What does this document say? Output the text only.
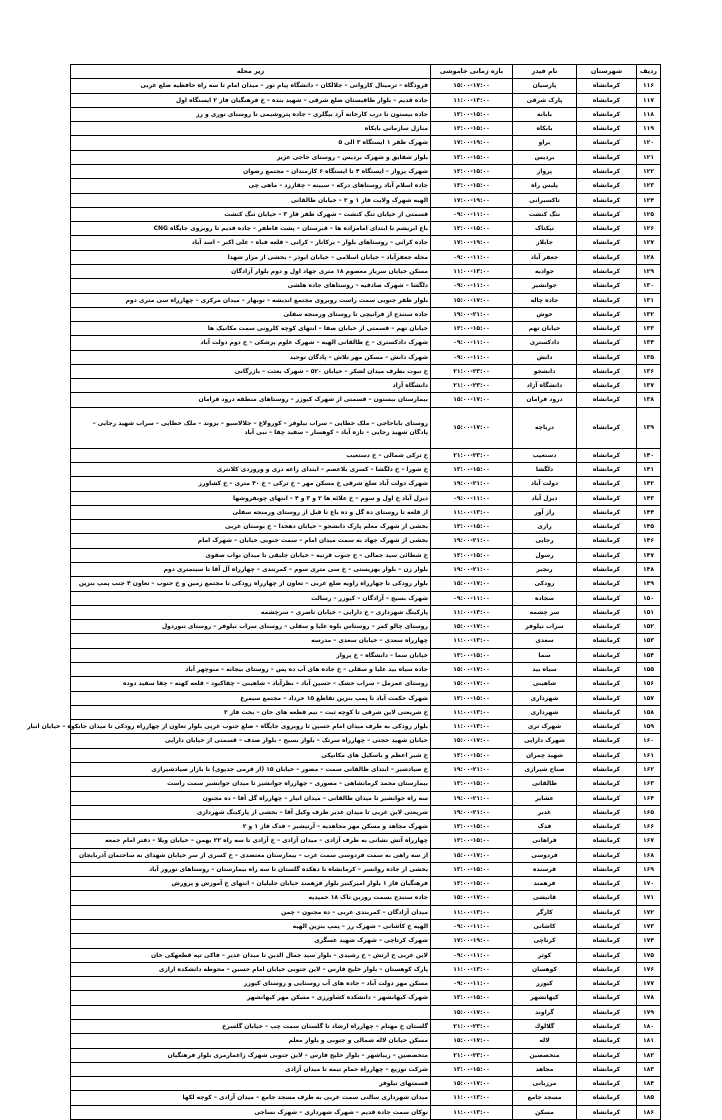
ردیف	شهرستان	نام فیدر	بازه زمانی خاموشی	زیر محله
۱۱۶	کرمانشاه	پارسیان	۱۵:۰۰-۱۷:۰۰	فرودگاه – ترمینال کاروانی – جلالکان – دانشگاه پیام نور – میدان امام تا سه راه حافظیه ضلع غربی
۱۱۷	کرمانشاه	پارک شرقی	۱۱:۰۰-۱۳:۰۰	جاده قدیم – بلوار طاقبستان ضلع شرقی – شهید بنده – خ فرهنگیان فاز ۲ ایستگاه اول
۱۱۸	کرمانشاه	بابانه	۱۳:۰۰-۱۵:۰۰	جاده بیستون تا درب کارخانه آرد بیگلری – جاده پتروشیمی تا روستای نوری و رز
۱۱۹	کرمانشاه	بابکاه	۱۳:۰۰-۱۵:۰۰	منازل سازمانی بابکاه
۱۲۰	کرمانشاه	براو	۱۷:۰۰-۱۹:۰۰	شهرک ظفر ۱ ایستگاه ۳ الی ۵
۱۲۱	کرمانشاه	بردیس	۱۳:۰۰-۱۵:۰۰	بلوار شقایق و شهرک بردیس – روستای حاجی عزیز
۱۲۲	کرمانشاه	پرواز	۱۳:۰۰-۱۵:۰۰	شهرک پرواز – ایستگاه ۴ تا ایستگاه ۶ کارمندان – مجتمع رضوان
۱۲۳	کرمانشاه	پلیس راه	۱۳:۰۰-۱۵:۰۰	جاده اسلام آباد روستاهای درکه – سبینه – چقازرد – ماهی چی
۱۲۴	کرمانشاه	تاکسیرانی	۱۷:۰۰-۱۹:۰۰	الهیه شهرک ولایت فاز ۱ و ۲ – خیابان طالقانی
۱۲۵	کرمانشاه	تنگ کنشت	۰۹:۰۰-۱۱:۰۰	قسمتی از خیابان تنگ کنشت – شهرک ظفر فاز ۳ – خیابان تنگ کنشت
۱۲۶	کرمانشاه	تیکتاک	۱۳:۰۰-۱۵:۰۰	باغ ابریشم تا ابتدای امامزاده ها – قبرستان – پشت قاطفر – جاده قدیم تا رویروی جایگاه CNG
۱۲۷	کرمانشاه	جابلاز	۱۷:۰۰-۱۹:۰۰	جاده کرانی – روستاهای بلوار – برکانار – کرانی – قلعه فباه – علی اکبر – اسد آباد
۱۲۸	کرمانشاه	جعفر آباد	۰۹:۰۰-۱۱:۰۰	محله جعفرآباد – خیابان اسلامی – خیابان ابوذر – بخشی از مزار شهدا
۱۲۹	کرمانشاه	جوادیه	۱۱:۰۰-۱۳:۰۰	مسکن خیابان سرباز معصوم ۱۸ متری جهاد اول و دوم بلوار آزادگان
۱۳۰	کرمانشاه	جوانشیر	۰۹:۰۰-۱۱:۰۰	دلگشا – شهرک صادقیه – روستاهای جاده هلشی
۱۳۱	کرمانشاه	جاده چاله	۱۵:۰۰-۱۷:۰۰	بلوار ظفر جنوبی سمت راست روبروی مجتمع اندیشه – نوبهار – میدان مرکزی – چهارراه سی متری دوم
۱۳۲	کرمانشاه	خوش	۱۹:۰۰-۲۱:۰۰	جاده سنندج از فرانیچی تا روستای ورمنجه سفلی
۱۳۳	کرمانشاه	خیابان تهم	۱۳:۰۰-۱۵:۰۰	خیابان تهم – قسمتی از خیابان صفا – انتهای کوچه کلرونی سمت مکانیک ها
۱۳۴	کرمانشاه	دادکستری	۰۹:۰۰-۱۱:۰۰	شهرک دادکستری – خ طالقانی الهیه – شهرک علوم پزشکی – خ دوم دولت آباد
۱۳۵	کرمانشاه	دانش	۰۹:۰۰-۱۱:۰۰	شهرک دانش – مسکن مهر تلاش – پادگان توحید
۱۳۶	کرمانشاه	دانشجو	۲۱:۰۰-۲۳:۰۰	خ نبوت بطرف میدان لشکر – خیابان ۵۲۰ – شهرک بعثت – بازرگانی
۱۳۷	کرمانشاه	دانشگاه آزاد	۲۱:۰۰-۲۳:۰۰	دانشگاه آزاد
۱۳۸	کرمانشاه	درود فرامان	۱۵:۰۰-۱۷:۰۰	بیمارستان بیستون – قسمتی از شهرک کیوزر – روستاهای منطقه درود فرامان
۱۳۹	کرمانشاه	دریاچه	۱۵:۰۰-۱۷:۰۰	روستای باباحاجی – ملک خطایی – سراب نیلوفر – کورولاغ – جلالاسیو – بزوند – ملک خطایی – سراب شهید رجایی – پادگان شهید رجایی – تازه آباد – کوهسار – سفید چقا – نبی آباد
۱۴۰	کرمانشاه	دستغیب	۲۱:۰۰-۲۳:۰۰	خ ترکی شمالی – خ دستغیب
۱۴۱	کرمانشاه	دلگشا	۱۳:۰۰-۱۵:۰۰	خ شورا – خ دلگشا – کسری بلاعصم – ابتدای زاغه دری و وروردی کلانتری
۱۴۲	کرمانشاه	دولت آباد	۱۹:۰۰-۲۱:۰۰	شهرک دولت آباد ضلع شرقی خ مسکن مهر – خ ترکی – خ ۴۰ متری – خ کشاورز
۱۴۳	کرمانشاه	دیزل آباد	۰۹:۰۰-۱۱:۰۰	دیزل آباد خ اول و سوم – خ علائه ها ۲ و ۳ و ۴ – انتهای چوبفروشها
۱۴۴	کرمانشاه	راز آور	۱۱:۰۰-۱۳:۰۰	از قلعه تا روستای ده گل و ده باغ تا قبل از روستای ورمنجه سفلی
۱۴۵	کرمانشاه	رازی	۱۳:۰۰-۱۵:۰۰	بخشی از شهرک معلم پارک دانشجو – خیابان دهخدا – خ بوستان غربی
۱۴۶	کرمانشاه	رجایی	۱۹:۰۰-۲۱:۰۰	بخشی از شهرک جهاد به سمت میدان امام – سمت جنوبی خیابان – شهرک امام
۱۴۷	کرمانشاه	رسول	۱۳:۰۰-۱۵:۰۰	خ شطائی سید جمالی – خ جنوب قرنیه – خیابان جلیقی تا میدان نواب صفوی
۱۴۸	کرمانشاه	رنجبر	۱۹:۰۰-۲۱:۰۰	بلوار زن – بلوار بهزیستی – خ سی متری سوم – کمربندی – چهارراه آل آقا تا سینمتری دوم
۱۴۹	کرمانشاه	رودکی	۱۵:۰۰-۱۷:۰۰	بلوار رودکی تا چهارراه زاویه ضلع غربی – تعاون از چهارراه رودکی تا مجتمع زمین و خ جنوب – تعاون ۴ جنب پمپ بنزین
۱۵۰	کرمانشاه	سجاده	۰۹:۰۰-۱۱:۰۰	شهرک بسیج – آزادگان – کیوزر – رسالت
۱۵۱	کرمانشاه	سر چشمه	۱۱:۰۰-۱۳:۰۰	پارکینگ شهرداری – خ دارایی – خیابان ناصری – سرچشمه
۱۵۲	کرمانشاه	سراب نیلوفر	۱۵:۰۰-۱۷:۰۰	روستای چالو کمر – روستاس بلوه علیا و سفلی – روستای سراب نیلوفر – روستای تنوردول
۱۵۳	کرمانشاه	سعدی	۱۱:۰۰-۱۳:۰۰	چهارراه سعدی – خیابان سعدی – مدرسه
۱۵۴	کرمانشاه	سما	۱۳:۰۰-۱۵:۰۰	خیابان سما – دانشگاه – خ پرواز
۱۵۵	کرمانشاه	سیاه بید	۱۵:۰۰-۱۷:۰۰	جاده سیاه بید علیا و سفلی – خ جاده های آب ده پس – روستای بیجانه – منوچهر آباد
۱۵۶	کرمانشاه	شاهینی	۱۵:۰۰-۱۷:۰۰	روستای عمرمل – سراب خشک – حسین آباد – نظرآباد – شاهینی – چقاکبود – قلعه کهنه – چقا سفید دوده
۱۵۷	کرمانشاه	شهرداری	۱۳:۰۰-۱۵:۰۰	شهرک حکمت آباد تا پمپ بنزین تقاطع ۱۵ خرداد – مجتمع سیمرغ
۱۵۸	کرمانشاه	شهرداری	۱۱:۰۰-۱۳:۰۰	خ شریعتی لاین شرقی تا کوچه ثبت – نیم قطعه های خان – بخت فاز ۲
۱۵۹	کرمانشاه	شهرک تری	۱۱:۰۰-۱۳:۰۰	بلوار رودکی به طرف میدان امام حسین تا روبروی جایگاه – ضلع جنوب غربی بلوار تعاون از چهارراه رودکی تا میدان جانکوه – خیابان انبار
۱۶۰	کرمانشاه	شهرک دارایی	۱۵:۰۰-۱۷:۰۰	خیابان شهید حجتی – چهارراه سرتک – بلوار بسیح – بلوار صدف – قسمتی از خیابان دارایی
۱۶۱	کرمانشاه	شهید چمران	۱۳:۰۰-۱۵:۰۰	خ شیر اعظم و باسکیل های مکانیکی
۱۶۲	کرمانشاه	صباح شیرازی	۱۹:۰۰-۲۱:۰۰	خ صیادشیر – ابتدای طالقانی سمت – مصور – خیابان ۱۵ (از قرمی خدیوی) تا بازار صیادشیرازی
۱۶۳	کرمانشاه	طالقانی	۱۳:۰۰-۱۵:۰۰	بیمارستان محمد کرمانشاهی – مصوری – چهارراه جوانشیر تا میدان جوانشیر سمت راست
۱۶۴	کرمانشاه	عشایر	۱۹:۰۰-۲۱:۰۰	سه راه جوانشیر تا میدان طالقانی – میدان انبار – چهارراه گل آقا – ده مجنون
۱۶۵	کرمانشاه	غدیر	۱۹:۰۰-۲۱:۰۰	شریعتی لاین غربی تا میدان غدیر طرف وکیل آقا – بخشی از پارکینگ شهرداری
۱۶۶	کرمانشاه	فدک	۱۳:۰۰-۱۵:۰۰	شهرک مجاهد و مسکن مهر مجاهدیه – آرتیشیر – فدک فاز ۱ و ۲
۱۶۷	کرمانشاه	فراهانی	۱۳:۰۰-۱۵:۰۰	چهارراه آتش نشانی به طرف آزادی – میدان آزادی – خ آزادی تا سه راه ۲۲ بهمن – خیابان ویلا – دفتر امام جمعه
۱۶۸	کرمانشاه	فردوسی	۱۵:۰۰-۱۷:۰۰	از سه راهی به سمت فردوسی سمت غرب – بیمارستان معتضدی – خ کسری از سر خیابان شهدای به ساختمان آذربایجان
۱۶۹	کرمانشاه	فرسنده	۱۳:۰۰-۱۵:۰۰	بخشی از جاده روانسر – کرمانشاه تا دهکده گلستان تا سه راه بیمارستان – روستاهای نوروز آباد
۱۷۰	کرمانشاه	فرهمند	۱۳:۰۰-۱۵:۰۰	فرهنگیان فاز ۱ بلوار امیرکبیر بلوار فرهمند خیابان جلیلیان – انتهای خ آموزش و پرورش
۱۷۱	کرمانشاه	قانیشی	۱۵:۰۰-۱۷:۰۰	جاده سنندج بسمت روزبن تاک ۱۸ حمیدیه
۱۷۲	کرمانشاه	کارگر	۱۱:۰۰-۱۳:۰۰	میدان آزادگان – کمربندی غربی – ده مجنون – چمن
۱۷۳	کرمانشاه	کاشانی	۰۹:۰۰-۱۱:۰۰	الهیه خ کاشانی – شهرک رز – پمپ بنزین الهیه
۱۷۴	کرمانشاه	کرتاچی	۱۷:۰۰-۱۹:۰۰	شهرک کرتاچی – شهرک شهید عسگری
۱۷۵	کرمانشاه	کوثر	۰۹:۰۰-۱۱:۰۰	لاین غربی خ ارتش – خ رشیدی – بلوار سید جمال الدین تا میدان غدیر – فاکی تپه قطعهکی خان
۱۷۶	کرمانشاه	کوهسان	۱۱:۰۰-۱۳:۰۰	پارک کوهستان – بلوار خلیج فارس – لاین جنوبی خیابان امام حسین – محوطه دانشکده ارازی
۱۷۷	کرمانشاه	کیوزر	۰۹:۰۰-۱۱:۰۰	مسکن مهر دولت آباد – جاده های آب روستایی و روستای کیوزر
۱۷۸	کرمانشاه	کیهانشهر	۱۳:۰۰-۱۵:۰۰	شهرک کیهانشهر – دانشکده کشاورزی – مسکن مهر کیهانشهر
۱۷۹	کرمانشاه	گراوند	۱۵:۰۰-۱۷:۰۰	
۱۸۰	کرمانشاه	گلالوك	۲۱:۰۰-۲۳:۰۰	گلستان خ مهتام – چهارراه ارشاد تا گلستان سمت چپ – خیابان گلسرخ
۱۸۱	کرمانشاه	لاله	۱۵:۰۰-۱۷:۰۰	مسکن خیابان لاله شمالی و جنوبی و بلوار معلم
۱۸۲	کرمانشاه	متخصصین	۲۱:۰۰-۲۳:۰۰	متخصصین – زیباشهر – بلوار خلیج فارس – لاین جنوبی شهرک زاغمارمری بلوار فرهنگیان
۱۸۳	کرمانشاه	مجاهد	۱۳:۰۰-۱۵:۰۰	شرکت توزیع – چهارراه حمام نیمه تا میدان آزادی
۱۸۴	کرمانشاه	مرزبانی	۱۵:۰۰-۱۷:۰۰	قسمتهای نیلوفر
۱۸۵	کرمانشاه	مسجد جامع	۱۱:۰۰-۱۳:۰۰	میدان شهرداری سالنی سمت غربی به طرف مسجد جامع – میدان آزادی – کوچه لکها
۱۸۶	کرمانشاه	مسکن	۱۱:۰۰-۱۳:۰۰	نوکان سمت جاده قدیم – شهرک شهرداری – شهرک نساجی
